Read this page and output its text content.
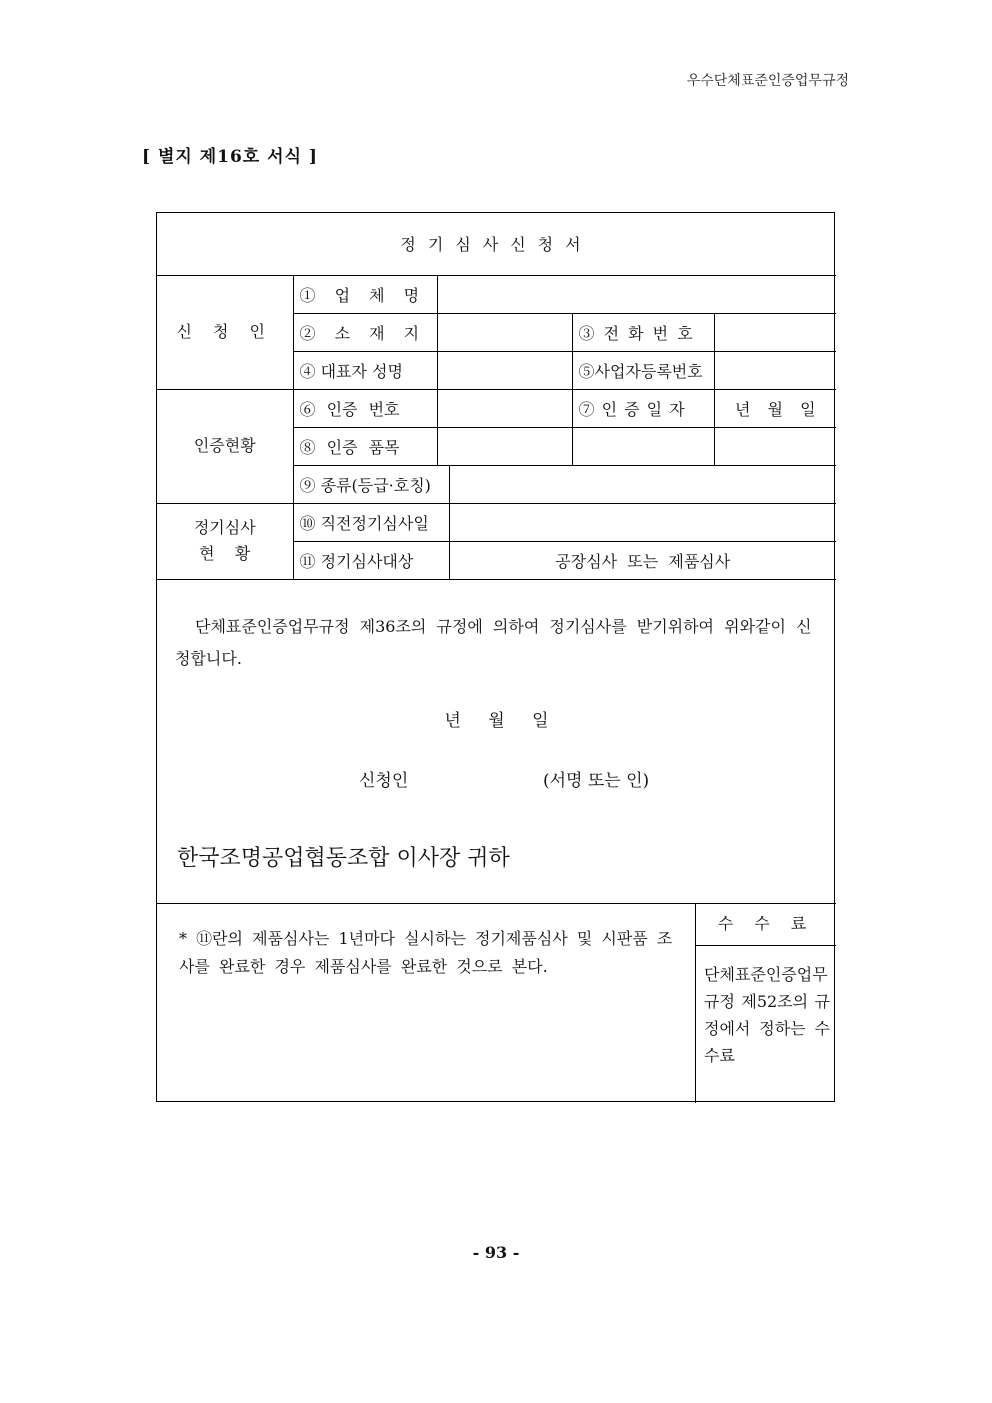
우수단체표준인증업무규정
[ 별지 제16호 서식 ]
정기심사신청서					
신 청 인	① 업 체 명				
	② 소 재 지			③ 전 화 번 호	
	④ 대표자 성명			⑤사업자등록번호	
인증현황	⑥ 인증 번호			⑦ 인 증 일 자	년 월 일
	⑧ 인증 품목				
	⑨ 종류(등급·호칭)				

정기심사
현    황	⑩ 직전정기심사일				
	⑪ 정기심사대상		공장심사  또는  제품심사		
단체표준인증업무규정 제36조의 규정에 의하여 정기심사를 받기위하여 위와같이 신청합니다.
년 월 일
신청인	(서명 또는 인)
한국조명공업협동조합 이사장 귀하
* ⑪란의 제품심사는 1년마다 실시하는 정기제품심사 및 시판품 조사를 완료한 경우 제품심사를 완료한 것으로 본다.
수 수 료
단체표준인증업무규정 제52조의 규정에서 정하는 수수료
- 93 -
